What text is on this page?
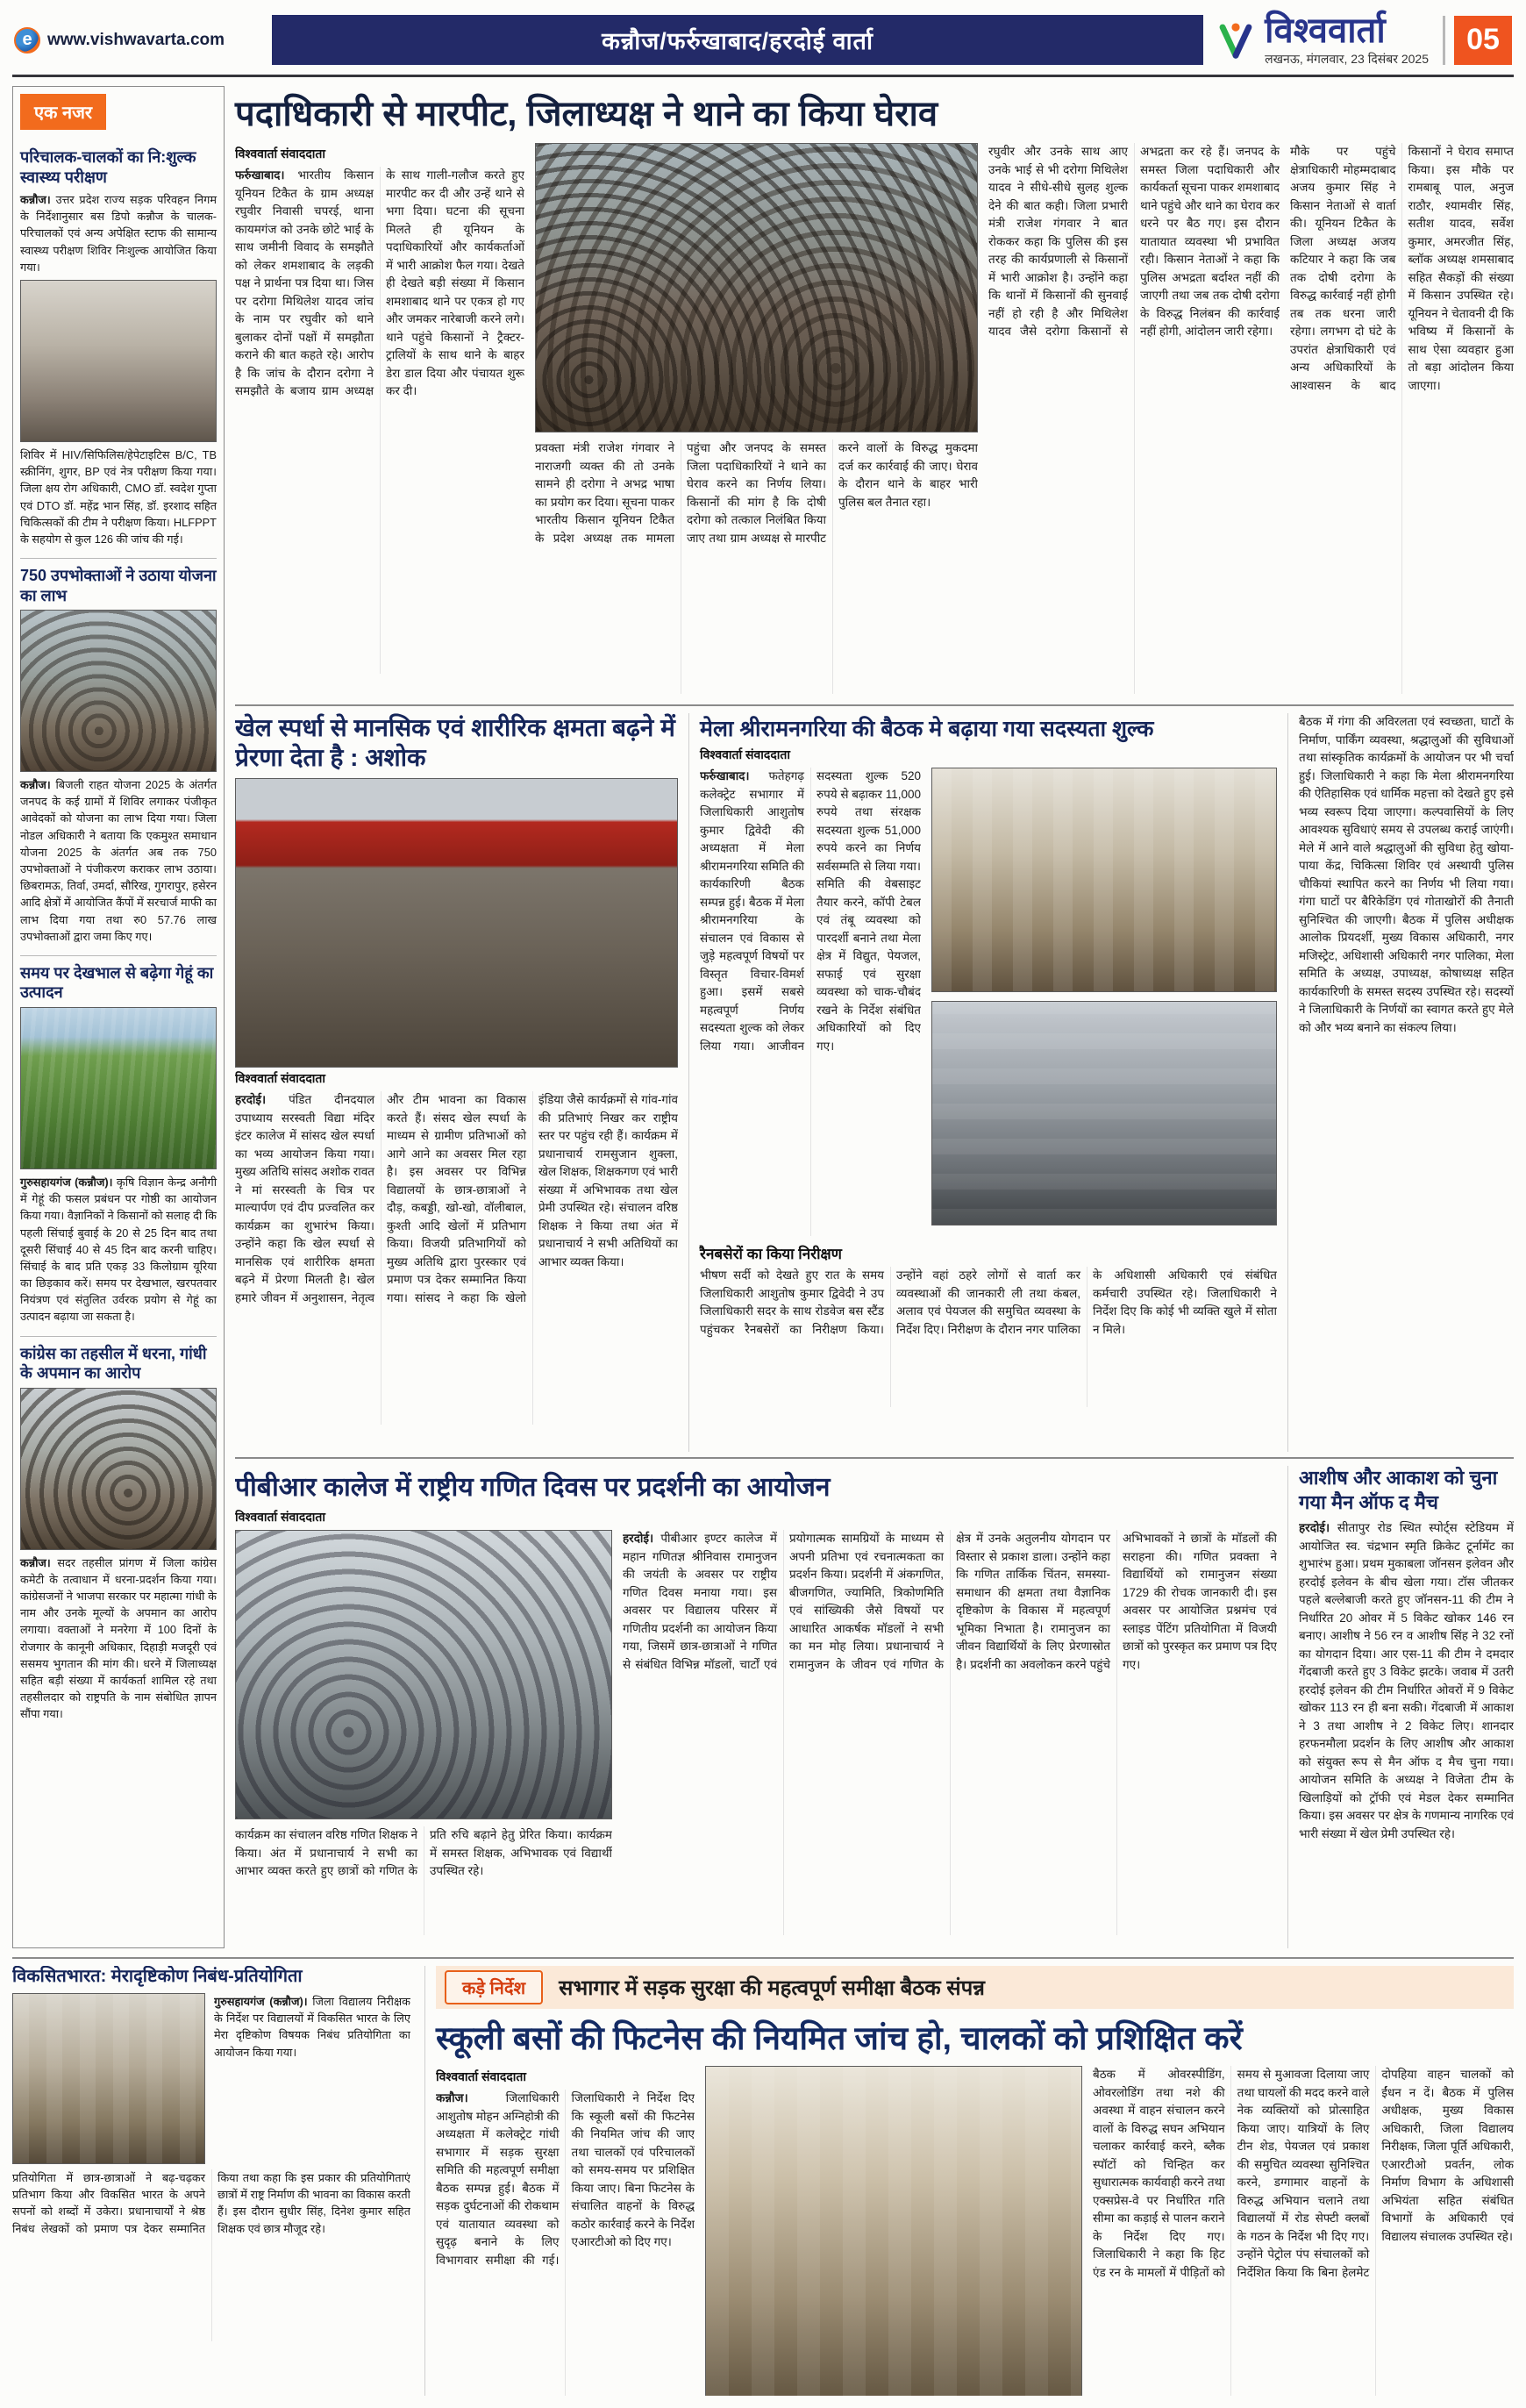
e www.vishwavarta.com	कन्नौज/फर्रुखाबाद/हरदोई वार्ता	विश्ववार्ता
लखनऊ, मंगलवार, 23 दिसंबर 2025
05
एक नजर
परिचालक-चालकों का नि:शुल्क स्वास्थ्य परीक्षण

कन्नौज। उत्तर प्रदेश राज्य सड़क परिवहन निगम के निर्देशानुसार बस डिपो कन्नौज के चालक-परिचालकों एवं अन्य अपेक्षित स्टाफ की सामान्य स्वास्थ्य परीक्षण शिविर निःशुल्क आयोजित किया गया।

शिविर में HIV/सिफिलिस/हेपेटाइटिस B/C, TB स्क्रीनिंग, शुगर, BP एवं नेत्र परीक्षण किया गया। जिला क्षय रोग अधिकारी, CMO डॉ. स्वदेश गुप्ता एवं DTO डॉ. महेंद्र भान सिंह, डॉ. इरशाद सहित चिकित्सकों की टीम ने परीक्षण किया। HLFPPT के सहयोग से कुल 126 की जांच की गई।

750 उपभोक्ताओं ने उठाया योजना का लाभ

कन्नौज। बिजली राहत योजना 2025 के अंतर्गत जनपद के कई ग्रामों में शिविर लगाकर पंजीकृत आवेदकों को योजना का लाभ दिया गया। जिला नोडल अधिकारी ने बताया कि एकमुश्त समाधान योजना 2025 के अंतर्गत अब तक 750 उपभोक्ताओं ने पंजीकरण कराकर लाभ उठाया। छिबरामऊ, तिर्वा, उमर्दा, सौरिख, गुगरापुर, हसेरन आदि क्षेत्रों में आयोजित कैंपों में सरचार्ज माफी का लाभ दिया गया तथा रु0 57.76 लाख उपभोक्ताओं द्वारा जमा किए गए।

समय पर देखभाल से बढ़ेगा गेहूं का उत्पादन

गुरुसहायगंज (कन्नौज)। कृषि विज्ञान केन्द्र अनौगी में गेहूं की फसल प्रबंधन पर गोष्ठी का आयोजन किया गया। वैज्ञानिकों ने किसानों को सलाह दी कि पहली सिंचाई बुवाई के 20 से 25 दिन बाद तथा दूसरी सिंचाई 40 से 45 दिन बाद करनी चाहिए। सिंचाई के बाद प्रति एकड़ 33 किलोग्राम यूरिया का छिड़काव करें। समय पर देखभाल, खरपतवार नियंत्रण एवं संतुलित उर्वरक प्रयोग से गेहूं का उत्पादन बढ़ाया जा सकता है।

कांग्रेस का तहसील में धरना, गांधी के अपमान का आरोप

कन्नौज। सदर तहसील प्रांगण में जिला कांग्रेस कमेटी के तत्वाधान में धरना-प्रदर्शन किया गया। कांग्रेसजनों ने भाजपा सरकार पर महात्मा गांधी के नाम और उनके मूल्यों के अपमान का आरोप लगाया। वक्ताओं ने मनरेगा में 100 दिनों के रोजगार के कानूनी अधिकार, दिहाड़ी मजदूरी एवं ससमय भुगतान की मांग की। धरने में जिलाध्यक्ष सहित बड़ी संख्या में कार्यकर्ता शामिल रहे तथा तहसीलदार को राष्ट्रपति के नाम संबोधित ज्ञापन सौंपा गया।

पदाधिकारी से मारपीट, जिलाध्यक्ष ने थाने का किया घेराव
विश्ववार्ता संवाददाता

फर्रुखाबाद। भारतीय किसान यूनियन टिकैत के ग्राम अध्यक्ष रघुवीर निवासी चपरई, थाना कायमगंज को उनके छोटे भाई के साथ जमीनी विवाद के समझौते को लेकर शमशाबाद के लड़की पक्ष ने प्रार्थना पत्र दिया था। जिस पर दरोगा मिथिलेश यादव जांच के नाम पर रघुवीर को थाने बुलाकर दोनों पक्षों में समझौता कराने की बात कहते रहे। आरोप है कि जांच के दौरान दरोगा ने समझौते के बजाय ग्राम अध्यक्ष के साथ गाली-गलौज करते हुए मारपीट कर दी और उन्हें थाने से भगा दिया। घटना की सूचना मिलते ही यूनियन के पदाधिकारियों और कार्यकर्ताओं में भारी आक्रोश फैल गया। देखते ही देखते बड़ी संख्या में किसान शमशाबाद थाने पर एकत्र हो गए और जमकर नारेबाजी करने लगे। थाने पहुंचे किसानों ने ट्रैक्टर-ट्रालियों के साथ थाने के बाहर डेरा डाल दिया और पंचायत शुरू कर दी।

प्रवक्ता मंत्री राजेश गंगवार ने नाराजगी व्यक्त की तो उनके सामने ही दरोगा ने अभद्र भाषा का प्रयोग कर दिया। सूचना पाकर भारतीय किसान यूनियन टिकैत के प्रदेश अध्यक्ष तक मामला पहुंचा और जनपद के समस्त जिला पदाधिकारियों ने थाने का घेराव करने का निर्णय लिया। किसानों की मांग है कि दोषी दरोगा को तत्काल निलंबित किया जाए तथा ग्राम अध्यक्ष से मारपीट करने वालों के विरुद्ध मुकदमा दर्ज कर कार्रवाई की जाए। घेराव के दौरान थाने के बाहर भारी पुलिस बल तैनात रहा।

रघुवीर और उनके साथ आए उनके भाई से भी दरोगा मिथिलेश यादव ने सीधे-सीधे सुलह शुल्क देने की बात कही। जिला प्रभारी मंत्री राजेश गंगवार ने बात रोककर कहा कि पुलिस की इस तरह की कार्यप्रणाली से किसानों में भारी आक्रोश है। उन्होंने कहा कि थानों में किसानों की सुनवाई नहीं हो रही है और मिथिलेश यादव जैसे दरोगा किसानों से अभद्रता कर रहे हैं। जनपद के समस्त जिला पदाधिकारी और कार्यकर्ता सूचना पाकर शमशाबाद थाने पहुंचे और थाने का घेराव कर धरने पर बैठ गए। इस दौरान यातायात व्यवस्था भी प्रभावित रही। किसान नेताओं ने कहा कि पुलिस अभद्रता बर्दाश्त नहीं की जाएगी तथा जब तक दोषी दरोगा के विरुद्ध निलंबन की कार्रवाई नहीं होगी, आंदोलन जारी रहेगा।

मौके पर पहुंचे क्षेत्राधिकारी मोहम्मदाबाद अजय कुमार सिंह ने किसान नेताओं से वार्ता की। यूनियन टिकैत के जिला अध्यक्ष अजय कटियार ने कहा कि जब तक दोषी दरोगा के विरुद्ध कार्रवाई नहीं होगी तब तक धरना जारी रहेगा। लगभग दो घंटे के उपरांत क्षेत्राधिकारी एवं अन्य अधिकारियों के आश्वासन के बाद किसानों ने घेराव समाप्त किया। इस मौके पर रामबाबू पाल, अनुज राठौर, श्यामवीर सिंह, सतीश यादव, सर्वेश कुमार, अमरजीत सिंह, ब्लॉक अध्यक्ष शमसाबाद सहित सैकड़ों की संख्या में किसान उपस्थित रहे। यूनियन ने चेतावनी दी कि भविष्य में किसानों के साथ ऐसा व्यवहार हुआ तो बड़ा आंदोलन किया जाएगा।

खेल स्पर्धा से मानसिक एवं शारीरिक क्षमता बढ़ने में प्रेरणा देता है : अशोक
विश्ववार्ता संवाददाता

हरदोई। पंडित दीनदयाल उपाध्याय सरस्वती विद्या मंदिर इंटर कालेज में सांसद खेल स्पर्धा का भव्य आयोजन किया गया। मुख्य अतिथि सांसद अशोक रावत ने मां सरस्वती के चित्र पर माल्यार्पण एवं दीप प्रज्वलित कर कार्यक्रम का शुभारंभ किया। उन्होंने कहा कि खेल स्पर्धा से मानसिक एवं शारीरिक क्षमता बढ़ने में प्रेरणा मिलती है। खेल हमारे जीवन में अनुशासन, नेतृत्व और टीम भावना का विकास करते हैं। संसद खेल स्पर्धा के माध्यम से ग्रामीण प्रतिभाओं को आगे आने का अवसर मिल रहा है। इस अवसर पर विभिन्न विद्यालयों के छात्र-छात्राओं ने दौड़, कबड्डी, खो-खो, वॉलीबाल, कुश्ती आदि खेलों में प्रतिभाग किया। विजयी प्रतिभागियों को मुख्य अतिथि द्वारा पुरस्कार एवं प्रमाण पत्र देकर सम्मानित किया गया। सांसद ने कहा कि खेलो इंडिया जैसे कार्यक्रमों से गांव-गांव की प्रतिभाएं निखर कर राष्ट्रीय स्तर पर पहुंच रही हैं। कार्यक्रम में प्रधानाचार्य रामसुजान शुक्ला, खेल शिक्षक, शिक्षकगण एवं भारी संख्या में अभिभावक तथा खेल प्रेमी उपस्थित रहे। संचालन वरिष्ठ शिक्षक ने किया तथा अंत में प्रधानाचार्य ने सभी अतिथियों का आभार व्यक्त किया।

मेला श्रीरामनगरिया की बैठक मे बढ़ाया गया सदस्यता शुल्क
विश्ववार्ता संवाददाता

फर्रुखाबाद। फतेहगढ़ कलेक्ट्रेट सभागार में जिलाधिकारी आशुतोष कुमार द्विवेदी की अध्यक्षता में मेला श्रीरामनगरिया समिति की कार्यकारिणी बैठक सम्पन्न हुई। बैठक में मेला श्रीरामनगरिया के संचालन एवं विकास से जुड़े महत्वपूर्ण विषयों पर विस्तृत विचार-विमर्श हुआ। इसमें सबसे महत्वपूर्ण निर्णय सदस्यता शुल्क को लेकर लिया गया। आजीवन सदस्यता शुल्क 520 रुपये से बढ़ाकर 11,000 रुपये तथा संरक्षक सदस्यता शुल्क 51,000 रुपये करने का निर्णय सर्वसम्मति से लिया गया। समिति की वेबसाइट तैयार करने, कॉपी टेबल एवं तंबू व्यवस्था को पारदर्शी बनाने तथा मेला क्षेत्र में विद्युत, पेयजल, सफाई एवं सुरक्षा व्यवस्था को चाक-चौबंद रखने के निर्देश संबंधित अधिकारियों को दिए गए।

रैनबसेरों का किया निरीक्षण

भीषण सर्दी को देखते हुए रात के समय जिलाधिकारी आशुतोष कुमार द्विवेदी ने उप जिलाधिकारी सदर के साथ रोडवेज बस स्टैंड पहुंचकर रैनबसेरों का निरीक्षण किया। उन्होंने वहां ठहरे लोगों से वार्ता कर व्यवस्थाओं की जानकारी ली तथा कंबल, अलाव एवं पेयजल की समुचित व्यवस्था के निर्देश दिए। निरीक्षण के दौरान नगर पालिका के अधिशासी अधिकारी एवं संबंधित कर्मचारी उपस्थित रहे। जिलाधिकारी ने निर्देश दिए कि कोई भी व्यक्ति खुले में सोता न मिले।

बैठक में गंगा की अविरलता एवं स्वच्छता, घाटों के निर्माण, पार्किंग व्यवस्था, श्रद्धालुओं की सुविधाओं तथा सांस्कृतिक कार्यक्रमों के आयोजन पर भी चर्चा हुई। जिलाधिकारी ने कहा कि मेला श्रीरामनगरिया की ऐतिहासिक एवं धार्मिक महत्ता को देखते हुए इसे भव्य स्वरूप दिया जाएगा। कल्पवासियों के लिए आवश्यक सुविधाएं समय से उपलब्ध कराई जाएंगी। मेले में आने वाले श्रद्धालुओं की सुविधा हेतु खोया-पाया केंद्र, चिकित्सा शिविर एवं अस्थायी पुलिस चौकियां स्थापित करने का निर्णय भी लिया गया। गंगा घाटों पर बैरिकेडिंग एवं गोताखोरों की तैनाती सुनिश्चित की जाएगी। बैठक में पुलिस अधीक्षक आलोक प्रियदर्शी, मुख्य विकास अधिकारी, नगर मजिस्ट्रेट, अधिशासी अधिकारी नगर पालिका, मेला समिति के अध्यक्ष, उपाध्यक्ष, कोषाध्यक्ष सहित कार्यकारिणी के समस्त सदस्य उपस्थित रहे। सदस्यों ने जिलाधिकारी के निर्णयों का स्वागत करते हुए मेले को और भव्य बनाने का संकल्प लिया।

पीबीआर कालेज में राष्ट्रीय गणित दिवस पर प्रदर्शनी का आयोजन
विश्ववार्ता संवाददाता

कार्यक्रम का संचालन वरिष्ठ गणित शिक्षक ने किया। अंत में प्रधानाचार्य ने सभी का आभार व्यक्त करते हुए छात्रों को गणित के प्रति रुचि बढ़ाने हेतु प्रेरित किया। कार्यक्रम में समस्त शिक्षक, अभिभावक एवं विद्यार्थी उपस्थित रहे।

हरदोई। पीबीआर इण्टर कालेज में महान गणितज्ञ श्रीनिवास रामानुजन की जयंती के अवसर पर राष्ट्रीय गणित दिवस मनाया गया। इस अवसर पर विद्यालय परिसर में गणितीय प्रदर्शनी का आयोजन किया गया, जिसमें छात्र-छात्राओं ने गणित से संबंधित विभिन्न मॉडलों, चार्टों एवं प्रयोगात्मक सामग्रियों के माध्यम से अपनी प्रतिभा एवं रचनात्मकता का प्रदर्शन किया। प्रदर्शनी में अंकगणित, बीजगणित, ज्यामिति, त्रिकोणमिति एवं सांख्यिकी जैसे विषयों पर आधारित आकर्षक मॉडलों ने सभी का मन मोह लिया। प्रधानाचार्य ने रामानुजन के जीवन एवं गणित के क्षेत्र में उनके अतुलनीय योगदान पर विस्तार से प्रकाश डाला। उन्होंने कहा कि गणित तार्किक चिंतन, समस्या-समाधान की क्षमता तथा वैज्ञानिक दृष्टिकोण के विकास में महत्वपूर्ण भूमिका निभाता है। रामानुजन का जीवन विद्यार्थियों के लिए प्रेरणास्रोत है। प्रदर्शनी का अवलोकन करने पहुंचे अभिभावकों ने छात्रों के मॉडलों की सराहना की। गणित प्रवक्ता ने विद्यार्थियों को रामानुजन संख्या 1729 की रोचक जानकारी दी। इस अवसर पर आयोजित प्रश्नमंच एवं स्लाइड पेंटिंग प्रतियोगिता में विजयी छात्रों को पुरस्कृत कर प्रमाण पत्र दिए गए।

आशीष और आकाश को चुना गया मैन ऑफ द मैच

हरदोई। सीतापुर रोड स्थित स्पोर्ट्स स्टेडियम में आयोजित स्व. चंद्रभान स्मृति क्रिकेट टूर्नामेंट का शुभारंभ हुआ। प्रथम मुकाबला जॉनसन इलेवन और हरदोई इलेवन के बीच खेला गया। टॉस जीतकर पहले बल्लेबाजी करते हुए जॉनसन-11 की टीम ने निर्धारित 20 ओवर में 5 विकेट खोकर 146 रन बनाए। आशीष ने 56 रन व आशीष सिंह ने 32 रनों का योगदान दिया। आर एस-11 की टीम ने दमदार गेंदबाजी करते हुए 3 विकेट झटके। जवाब में उतरी हरदोई इलेवन की टीम निर्धारित ओवरों में 9 विकेट खोकर 113 रन ही बना सकी। गेंदबाजी में आकाश ने 3 तथा आशीष ने 2 विकेट लिए। शानदार हरफनमौला प्रदर्शन के लिए आशीष और आकाश को संयुक्त रूप से मैन ऑफ द मैच चुना गया। आयोजन समिति के अध्यक्ष ने विजेता टीम के खिलाड़ियों को ट्रॉफी एवं मेडल देकर सम्मानित किया। इस अवसर पर क्षेत्र के गणमान्य नागरिक एवं भारी संख्या में खेल प्रेमी उपस्थित रहे।

विकसितभारत: मेरादृष्टिकोण निबंध-प्रतियोगिता

गुरुसहायगंज (कन्नौज)। जिला विद्यालय निरीक्षक के निर्देश पर विद्यालयों में विकसित भारत के लिए मेरा दृष्टिकोण विषयक निबंध प्रतियोगिता का आयोजन किया गया।

प्रतियोगिता में छात्र-छात्राओं ने बढ़-चढ़कर प्रतिभाग किया और विकसित भारत के अपने सपनों को शब्दों में उकेरा। प्रधानाचार्यों ने श्रेष्ठ निबंध लेखकों को प्रमाण पत्र देकर सम्मानित किया तथा कहा कि इस प्रकार की प्रतियोगिताएं छात्रों में राष्ट्र निर्माण की भावना का विकास करती हैं। इस दौरान सुधीर सिंह, दिनेश कुमार सहित शिक्षक एवं छात्र मौजूद रहे।

कड़े निर्देश	सभागार में सड़क सुरक्षा की महत्वपूर्ण समीक्षा बैठक संपन्न
स्कूली बसों की फिटनेस की नियमित जांच हो, चालकों को प्रशिक्षित करें
विश्ववार्ता संवाददाता

कन्नौज।	जिलाधिकारी आशुतोष मोहन अग्निहोत्री की अध्यक्षता में कलेक्ट्रेट गांधी सभागार में सड़क सुरक्षा समिति की महत्वपूर्ण समीक्षा बैठक सम्पन्न हुई। बैठक में सड़क दुर्घटनाओं की रोकथाम एवं यातायात व्यवस्था को सुदृढ़ बनाने के लिए विभागवार समीक्षा की गई। जिलाधिकारी ने निर्देश दिए कि स्कूली बसों की फिटनेस की नियमित जांच की जाए तथा चालकों एवं परिचालकों को समय-समय पर प्रशिक्षित किया जाए। बिना फिटनेस के संचालित वाहनों के विरुद्ध कठोर कार्रवाई करने के निर्देश एआरटीओ को दिए गए।

बैठक में ओवरस्पीडिंग, ओवरलोडिंग तथा नशे की अवस्था में वाहन संचालन करने वालों के विरुद्ध सघन अभियान चलाकर कार्रवाई करने, ब्लैक स्पॉटों को चिन्हित कर सुधारात्मक कार्यवाही करने तथा एक्सप्रेस-वे पर निर्धारित गति सीमा का कड़ाई से पालन कराने के निर्देश दिए गए। जिलाधिकारी ने कहा कि हिट एंड रन के मामलों में पीड़ितों को समय से मुआवजा दिलाया जाए तथा घायलों की मदद करने वाले नेक व्यक्तियों को प्रोत्साहित किया जाए। यात्रियों के लिए टीन शेड, पेयजल एवं प्रकाश की समुचित व्यवस्था सुनिश्चित करने, डग्गामार वाहनों के विरुद्ध अभियान चलाने तथा विद्यालयों में रोड सेफ्टी क्लबों के गठन के निर्देश भी दिए गए। उन्होंने पेट्रोल पंप संचालकों को निर्देशित किया कि बिना हेलमेट दोपहिया वाहन चालकों को ईंधन न दें। बैठक में पुलिस अधीक्षक, मुख्य विकास अधिकारी, जिला विद्यालय निरीक्षक, जिला पूर्ति अधिकारी, एआरटीओ प्रवर्तन, लोक निर्माण विभाग के अधिशासी अभियंता सहित संबंधित विभागों के अधिकारी एवं विद्यालय संचालक उपस्थित रहे।
